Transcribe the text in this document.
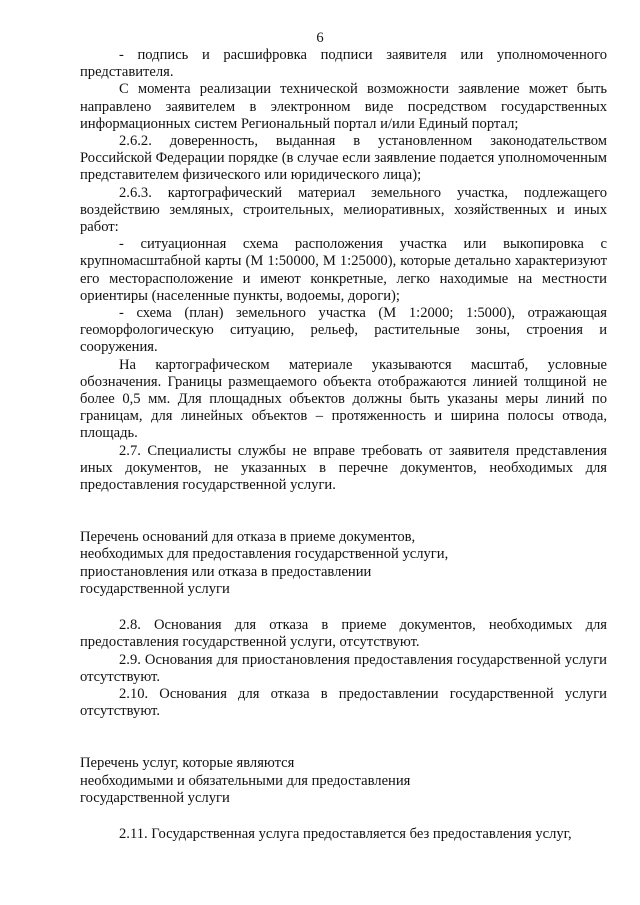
6

- подпись и расшифровка подписи заявителя или уполномоченного представителя.

С момента реализации технической возможности заявление может быть направлено заявителем в электронном виде посредством государственных информационных систем Региональный портал и/или Единый портал;

2.6.2. доверенность, выданная в установленном законодательством Российской Федерации порядке (в случае если заявление подается уполномоченным представителем физического или юридического лица);

2.6.3. картографический материал земельного участка, подлежащего воздействию земляных, строительных, мелиоративных, хозяйственных и иных работ:

- ситуационная схема расположения участка или выкопировка с крупномасштабной карты (М 1:50000, М 1:25000), которые детально характеризуют его месторасположение и имеют конкретные, легко находимые на местности ориентиры (населенные пункты, водоемы, дороги);

- схема (план) земельного участка (М 1:2000; 1:5000), отражающая геоморфологическую ситуацию, рельеф, растительные зоны, строения и сооружения.

На картографическом материале указываются масштаб, условные обозначения. Границы размещаемого объекта отображаются линией толщиной не более 0,5 мм. Для площадных объектов должны быть указаны меры линий по границам, для линейных объектов – протяженность и ширина полосы отвода, площадь.

2.7. Специалисты службы не вправе требовать от заявителя представления иных документов, не указанных в перечне документов, необходимых для предоставления государственной услуги.

Перечень оснований для отказа в приеме документов,

необходимых для предоставления государственной услуги,

приостановления или отказа в предоставлении

государственной услуги

2.8. Основания для отказа в приеме документов, необходимых для предоставления государственной услуги, отсутствуют.

2.9. Основания для приостановления предоставления государственной услуги отсутствуют.

2.10. Основания для отказа в предоставлении государственной услуги отсутствуют.

Перечень услуг, которые являются

необходимыми и обязательными для предоставления

государственной услуги

2.11. Государственная услуга предоставляется без предоставления услуг,
